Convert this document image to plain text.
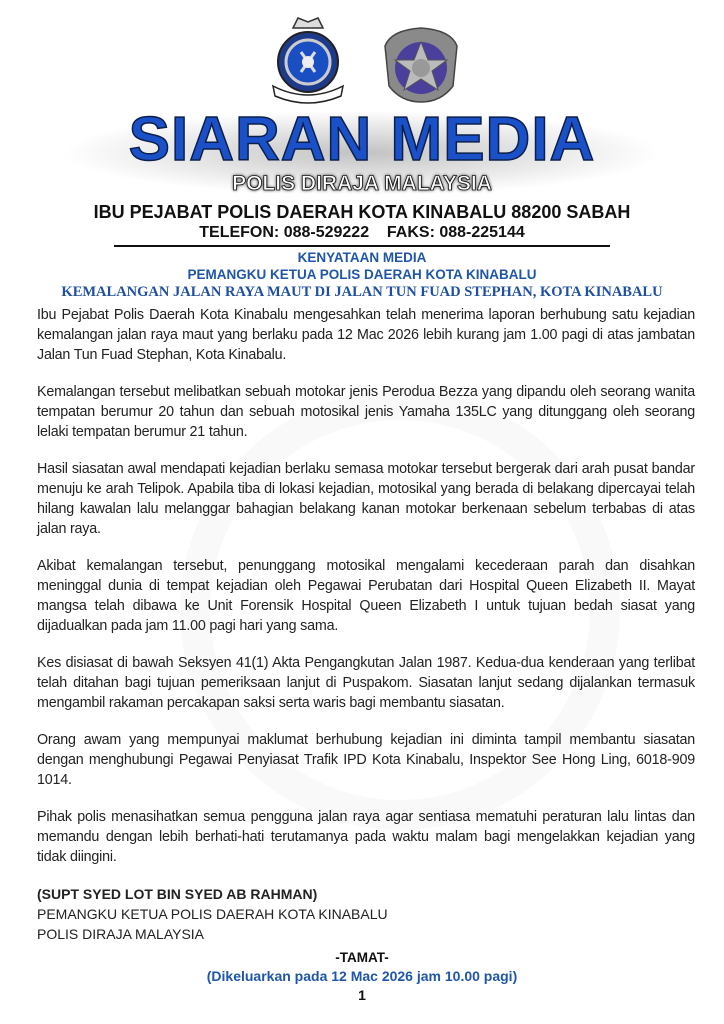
SIARAN MEDIA
POLIS DIRAJA MALAYSIA
IBU PEJABAT POLIS DAERAH KOTA KINABALU 88200 SABAH
TELEFON: 088-529222 FAKS: 088-225144
KENYATAAN MEDIA
PEMANGKU KETUA POLIS DAERAH KOTA KINABALU
KEMALANGAN JALAN RAYA MAUT DI JALAN TUN FUAD STEPHAN, KOTA KINABALU

Ibu Pejabat Polis Daerah Kota Kinabalu mengesahkan telah menerima laporan berhubung satu kejadian kemalangan jalan raya maut yang berlaku pada 12 Mac 2026 lebih kurang jam 1.00 pagi di atas jambatan Jalan Tun Fuad Stephan, Kota Kinabalu.

Kemalangan tersebut melibatkan sebuah motokar jenis Perodua Bezza yang dipandu oleh seorang wanita tempatan berumur 20 tahun dan sebuah motosikal jenis Yamaha 135LC yang ditunggang oleh seorang lelaki tempatan berumur 21 tahun.

Hasil siasatan awal mendapati kejadian berlaku semasa motokar tersebut bergerak dari arah pusat bandar menuju ke arah Telipok. Apabila tiba di lokasi kejadian, motosikal yang berada di belakang dipercayai telah hilang kawalan lalu melanggar bahagian belakang kanan motokar berkenaan sebelum terbabas di atas jalan raya.

Akibat kemalangan tersebut, penunggang motosikal mengalami kecederaan parah dan disahkan meninggal dunia di tempat kejadian oleh Pegawai Perubatan dari Hospital Queen Elizabeth II. Mayat mangsa telah dibawa ke Unit Forensik Hospital Queen Elizabeth I untuk tujuan bedah siasat yang dijadualkan pada jam 11.00 pagi hari yang sama.

Kes disiasat di bawah Seksyen 41(1) Akta Pengangkutan Jalan 1987. Kedua-dua kenderaan yang terlibat telah ditahan bagi tujuan pemeriksaan lanjut di Puspakom. Siasatan lanjut sedang dijalankan termasuk mengambil rakaman percakapan saksi serta waris bagi membantu siasatan.

Orang awam yang mempunyai maklumat berhubung kejadian ini diminta tampil membantu siasatan dengan menghubungi Pegawai Penyiasat Trafik IPD Kota Kinabalu, Inspektor See Hong Ling, 6018-909 1014.

Pihak polis menasihatkan semua pengguna jalan raya agar sentiasa mematuhi peraturan lalu lintas dan memandu dengan lebih berhati-hati terutamanya pada waktu malam bagi mengelakkan kejadian yang tidak diingini.

(SUPT SYED LOT BIN SYED AB RAHMAN)
PEMANGKU KETUA POLIS DAERAH KOTA KINABALU
POLIS DIRAJA MALAYSIA
-TAMAT-
(Dikeluarkan pada 12 Mac 2026 jam 10.00 pagi)
1
